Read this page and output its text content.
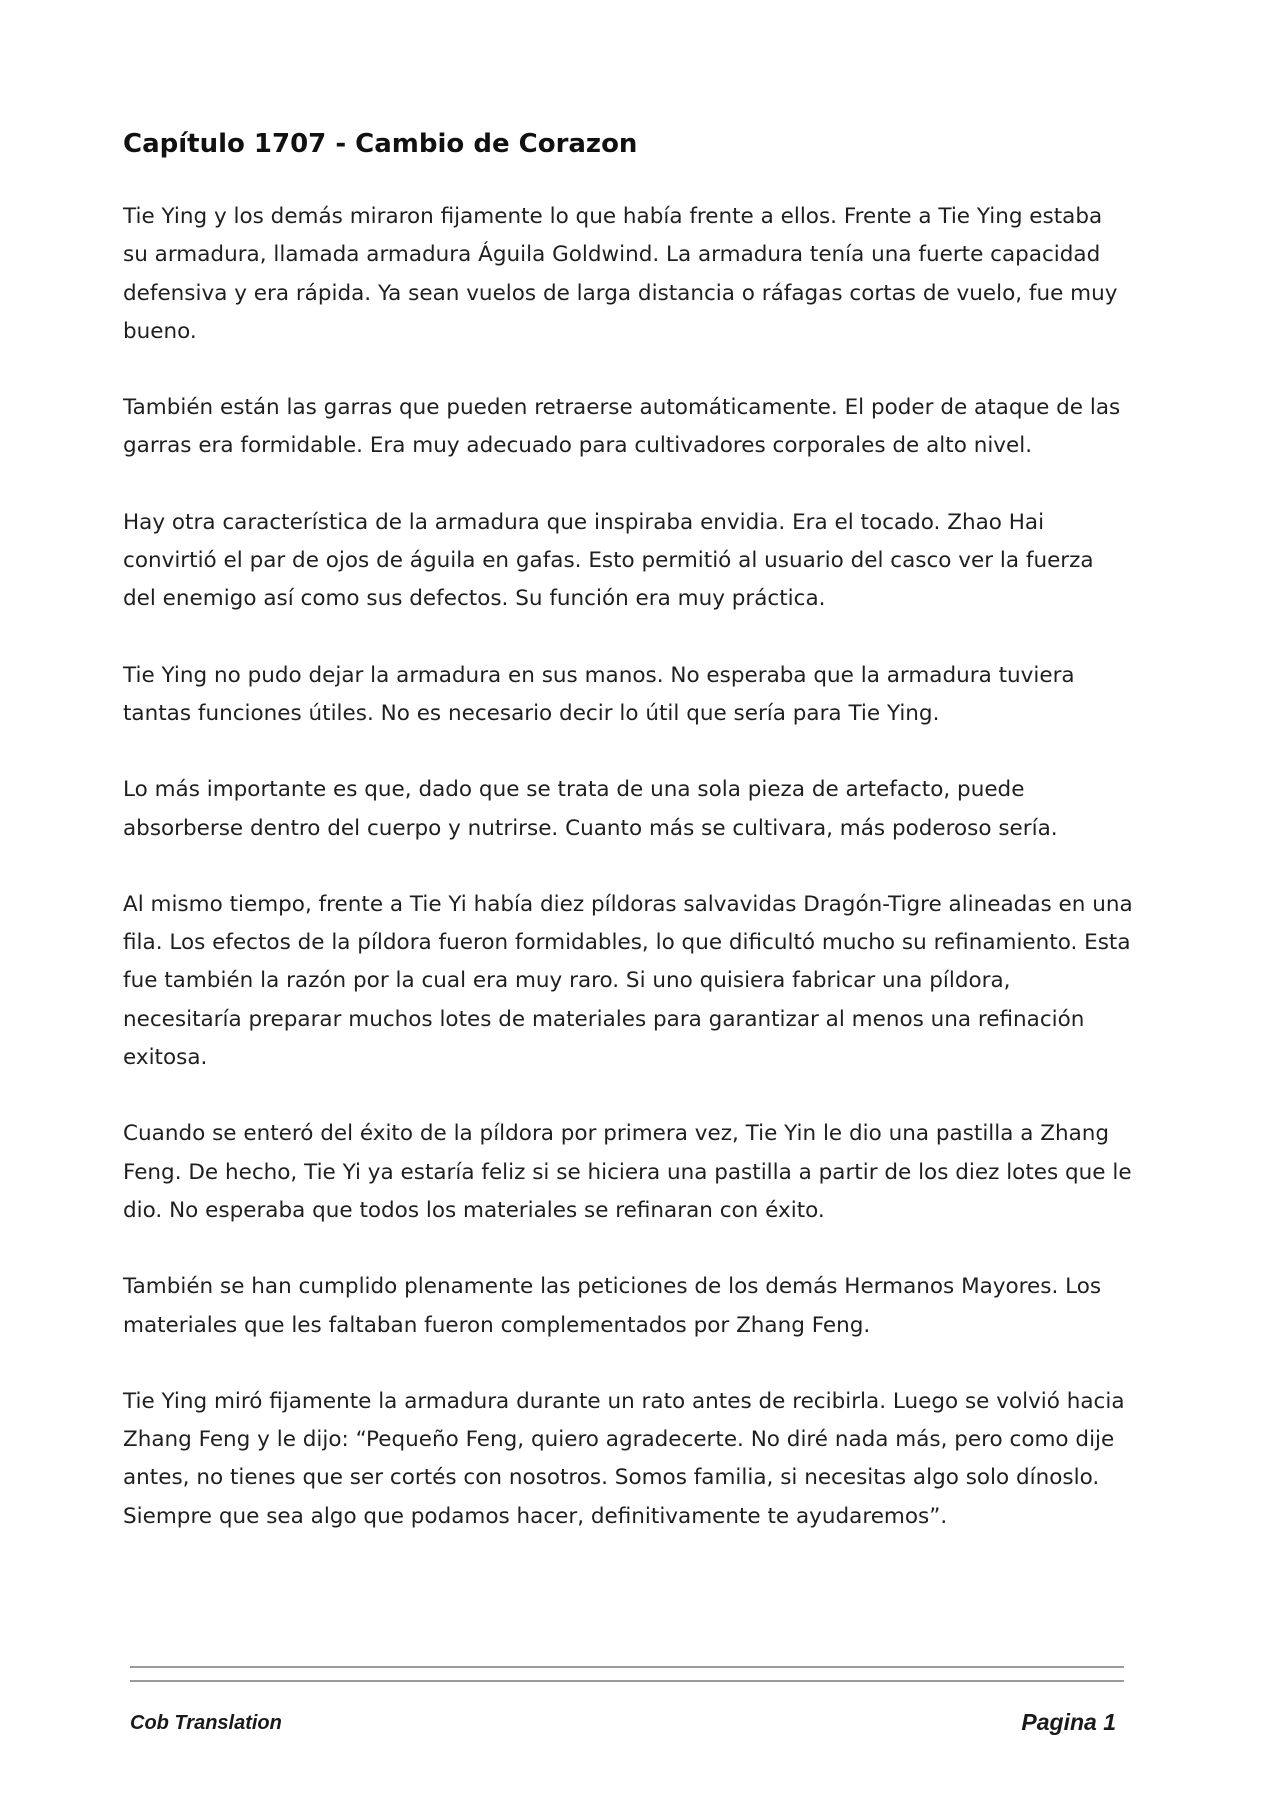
Capítulo 1707 - Cambio de Corazon

Tie Ying y los demás miraron fijamente lo que había frente a ellos. Frente a Tie Ying estaba su armadura, llamada armadura Águila Goldwind. La armadura tenía una fuerte capacidad defensiva y era rápida. Ya sean vuelos de larga distancia o ráfagas cortas de vuelo, fue muy bueno.

También están las garras que pueden retraerse automáticamente. El poder de ataque de las garras era formidable. Era muy adecuado para cultivadores corporales de alto nivel.

Hay otra característica de la armadura que inspiraba envidia. Era el tocado. Zhao Hai convirtió el par de ojos de águila en gafas. Esto permitió al usuario del casco ver la fuerza del enemigo así como sus defectos. Su función era muy práctica.

Tie Ying no pudo dejar la armadura en sus manos. No esperaba que la armadura tuviera tantas funciones útiles. No es necesario decir lo útil que sería para Tie Ying.

Lo más importante es que, dado que se trata de una sola pieza de artefacto, puede absorberse dentro del cuerpo y nutrirse. Cuanto más se cultivara, más poderoso sería.

Al mismo tiempo, frente a Tie Yi había diez píldoras salvavidas Dragón-Tigre alineadas en una fila. Los efectos de la píldora fueron formidables, lo que dificultó mucho su refinamiento. Esta fue también la razón por la cual era muy raro. Si uno quisiera fabricar una píldora, necesitaría preparar muchos lotes de materiales para garantizar al menos una refinación exitosa.

Cuando se enteró del éxito de la píldora por primera vez, Tie Yin le dio una pastilla a Zhang Feng. De hecho, Tie Yi ya estaría feliz si se hiciera una pastilla a partir de los diez lotes que le dio. No esperaba que todos los materiales se refinaran con éxito.

También se han cumplido plenamente las peticiones de los demás Hermanos Mayores. Los materiales que les faltaban fueron complementados por Zhang Feng.

Tie Ying miró fijamente la armadura durante un rato antes de recibirla. Luego se volvió hacia Zhang Feng y le dijo: “Pequeño Feng, quiero agradecerte. No diré nada más, pero como dije antes, no tienes que ser cortés con nosotros. Somos familia, si necesitas algo solo dínoslo. Siempre que sea algo que podamos hacer, definitivamente te ayudaremos”.

Cob Translation	Pagina 1
